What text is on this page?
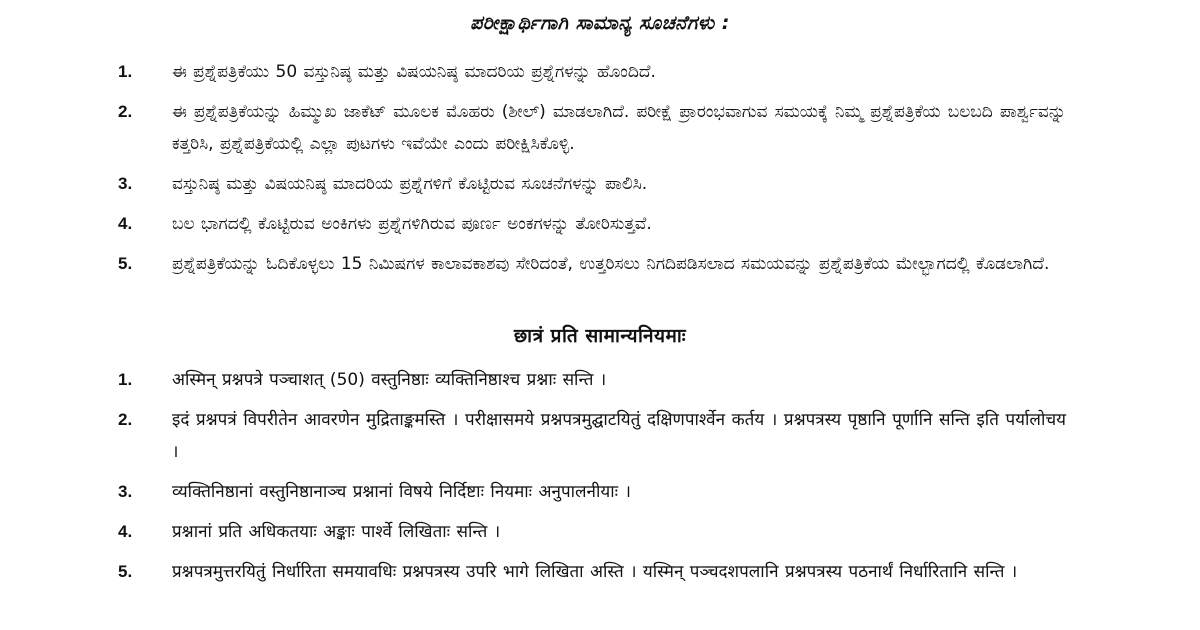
ಪರೀಕ್ಷಾರ್ಥಿಗಾಗಿ ಸಾಮಾನ್ಯ ಸೂಚನೆಗಳು :
1.	ಈ ಪ್ರಶ್ನೆಪತ್ರಿಕೆಯು 50 ವಸ್ತುನಿಷ್ಠ ಮತ್ತು ವಿಷಯನಿಷ್ಠ ಮಾದರಿಯ ಪ್ರಶ್ನೆಗಳನ್ನು ಹೊಂದಿದೆ.
2.	ಈ ಪ್ರಶ್ನೆಪತ್ರಿಕೆಯನ್ನು ಹಿಮ್ಮುಖ ಜಾಕೆಟ್ ಮೂಲಕ ಮೊಹರು (ಶೀಲ್) ಮಾಡಲಾಗಿದೆ. ಪರೀಕ್ಷೆ ಪ್ರಾರಂಭವಾಗುವ ಸಮಯಕ್ಕೆ ನಿಮ್ಮ ಪ್ರಶ್ನೆಪತ್ರಿಕೆಯ ಬಲಬದಿ ಪಾರ್ಶ್ವವನ್ನು ಕತ್ತರಿಸಿ, ಪ್ರಶ್ನೆಪತ್ರಿಕೆಯಲ್ಲಿ ಎಲ್ಲಾ ಪುಟಗಳು ಇವೆಯೇ ಎಂದು ಪರೀಕ್ಷಿಸಿಕೊಳ್ಳಿ.
3.	ವಸ್ತುನಿಷ್ಠ ಮತ್ತು ವಿಷಯನಿಷ್ಠ ಮಾದರಿಯ ಪ್ರಶ್ನೆಗಳಿಗೆ ಕೊಟ್ಟಿರುವ ಸೂಚನೆಗಳನ್ನು ಪಾಲಿಸಿ.
4.	ಬಲ ಭಾಗದಲ್ಲಿ ಕೊಟ್ಟಿರುವ ಅಂಕಿಗಳು ಪ್ರಶ್ನೆಗಳಿಗಿರುವ ಪೂರ್ಣ ಅಂಕಗಳನ್ನು ತೋರಿಸುತ್ತವೆ.
5.	ಪ್ರಶ್ನೆಪತ್ರಿಕೆಯನ್ನು ಓದಿಕೊಳ್ಳಲು 15 ನಿಮಿಷಗಳ ಕಾಲಾವಕಾಶವು ಸೇರಿದಂತೆ, ಉತ್ತರಿಸಲು ನಿಗದಿಪಡಿಸಲಾದ ಸಮಯವನ್ನು ಪ್ರಶ್ನೆಪತ್ರಿಕೆಯ ಮೇಲ್ಭಾಗದಲ್ಲಿ ಕೊಡಲಾಗಿದೆ.
छात्रं प्रति सामान्यनियमाः
1.	अस्मिन् प्रश्नपत्रे पञ्चाशत् (50) वस्तुनिष्ठाः व्यक्तिनिष्ठाश्च प्रश्नाः सन्ति ।
2.	इदं प्रश्नपत्रं विपरीतेन आवरणेन मुद्रिताङ्कमस्ति । परीक्षासमये प्रश्नपत्रमुद्घाटयितुं दक्षिणपार्श्वेन कर्तय । प्रश्नपत्रस्य पृष्ठानि पूर्णानि सन्ति इति पर्यालोचय ।
3.	व्यक्तिनिष्ठानां वस्तुनिष्ठानाञ्च प्रश्नानां विषये निर्दिष्टाः नियमाः अनुपालनीयाः ।
4.	प्रश्नानां प्रति अधिकतयाः अङ्काः पार्श्वे लिखिताः सन्ति ।
5.	प्रश्नपत्रमुत्तरयितुं निर्धारिता समयावधिः प्रश्नपत्रस्य उपरि भागे लिखिता अस्ति । यस्मिन् पञ्चदशपलानि प्रश्नपत्रस्य पठनार्थं निर्धारितानि सन्ति ।
